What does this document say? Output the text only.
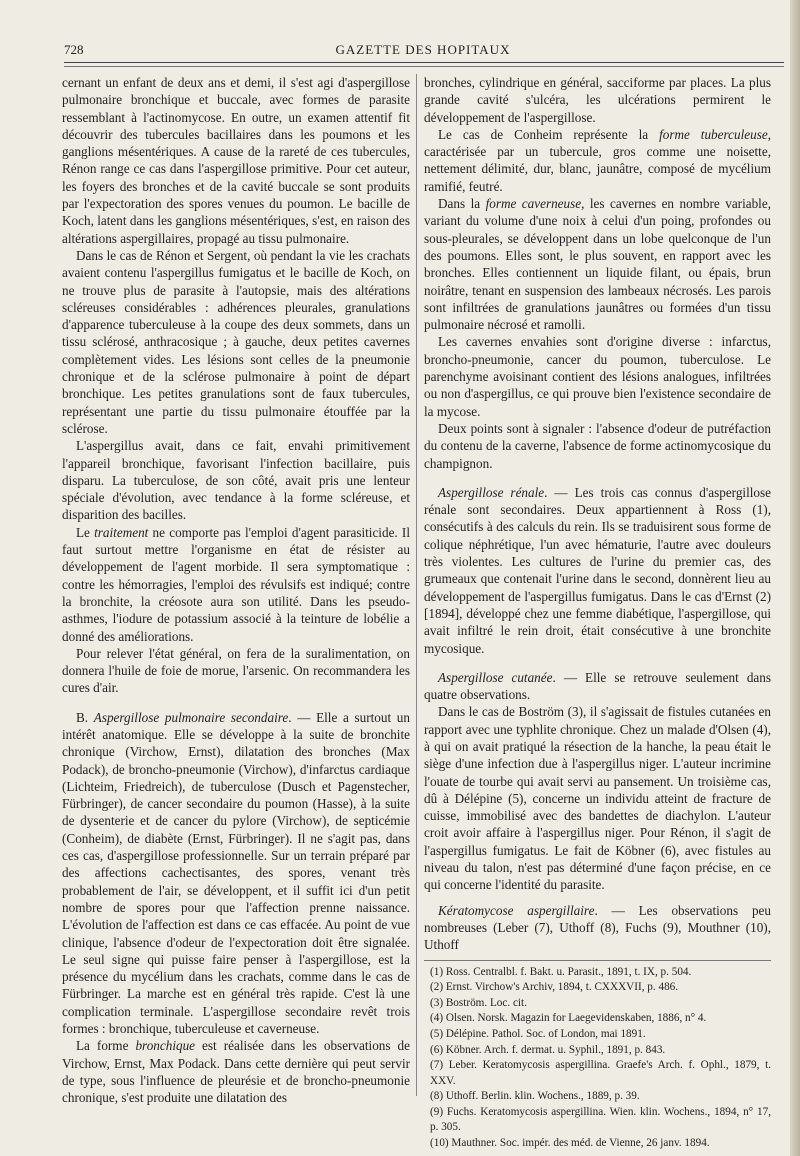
728	GAZETTE DES HOPITAUX

cernant un enfant de deux ans et demi, il s'est agi d'aspergillose pulmonaire bronchique et buccale, avec formes de parasite ressemblant à l'actinomycose. En outre, un examen attentif fit découvrir des tubercules bacillaires dans les poumons et les ganglions mésentériques. A cause de la rareté de ces tubercules, Rénon range ce cas dans l'aspergillose primitive. Pour cet auteur, les foyers des bronches et de la cavité buccale se sont produits par l'expectoration des spores venues du poumon. Le bacille de Koch, latent dans les ganglions mésentériques, s'est, en raison des altérations aspergillaires, propagé au tissu pulmonaire.

Dans le cas de Rénon et Sergent, où pendant la vie les crachats avaient contenu l'aspergillus fumigatus et le bacille de Koch, on ne trouve plus de parasite à l'autopsie, mais des altérations scléreuses considérables : adhérences pleurales, granulations d'apparence tuberculeuse à la coupe des deux sommets, dans un tissu sclérosé, anthracosique ; à gauche, deux petites cavernes complètement vides. Les lésions sont celles de la pneumonie chronique et de la sclérose pulmonaire à point de départ bronchique. Les petites granulations sont de faux tubercules, représentant une partie du tissu pulmonaire étouffée par la sclérose.

L'aspergillus avait, dans ce fait, envahi primitivement l'appareil bronchique, favorisant l'infection bacillaire, puis disparu. La tuberculose, de son côté, avait pris une lenteur spéciale d'évolution, avec tendance à la forme scléreuse, et disparition des bacilles.

Le traitement ne comporte pas l'emploi d'agent parasiticide. Il faut surtout mettre l'organisme en état de résister au développement de l'agent morbide. Il sera symptomatique : contre les hémorragies, l'emploi des révulsifs est indiqué; contre la bronchite, la créosote aura son utilité. Dans les pseudo-asthmes, l'iodure de potassium associé à la teinture de lobélie a donné des améliorations.

Pour relever l'état général, on fera de la suralimentation, on donnera l'huile de foie de morue, l'arsenic. On recommandera les cures d'air.

B. Aspergillose pulmonaire secondaire. — Elle a surtout un intérêt anatomique. Elle se développe à la suite de bronchite chronique (Virchow, Ernst), dilatation des bronches (Max Podack), de broncho-pneumonie (Virchow), d'infarctus cardiaque (Lichteim, Friedreich), de tuberculose (Dusch et Pagenstecher, Fürbringer), de cancer secondaire du poumon (Hasse), à la suite de dysenterie et de cancer du pylore (Virchow), de septicémie (Conheim), de diabète (Ernst, Fürbringer). Il ne s'agit pas, dans ces cas, d'aspergillose professionnelle. Sur un terrain préparé par des affections cachectisantes, des spores, venant très probablement de l'air, se développent, et il suffit ici d'un petit nombre de spores pour que l'affection prenne naissance. L'évolution de l'affection est dans ce cas effacée. Au point de vue clinique, l'absence d'odeur de l'expectoration doit être signalée. Le seul signe qui puisse faire penser à l'aspergillose, est la présence du mycélium dans les crachats, comme dans le cas de Fürbringer. La marche est en général très rapide. C'est là une complication terminale. L'aspergillose secondaire revêt trois formes : bronchique, tuberculeuse et caverneuse.

La forme bronchique est réalisée dans les observations de Virchow, Ernst, Max Podack. Dans cette dernière qui peut servir de type, sous l'influence de pleurésie et de broncho-pneumonie chronique, s'est produite une dilatation des

bronches, cylindrique en général, sacciforme par places. La plus grande cavité s'ulcéra, les ulcérations permirent le développement de l'aspergillose.

Le cas de Conheim représente la forme tuberculeuse, caractérisée par un tubercule, gros comme une noisette, nettement délimité, dur, blanc, jaunâtre, composé de mycélium ramifié, feutré.

Dans la forme caverneuse, les cavernes en nombre variable, variant du volume d'une noix à celui d'un poing, profondes ou sous-pleurales, se développent dans un lobe quelconque de l'un des poumons. Elles sont, le plus souvent, en rapport avec les bronches. Elles contiennent un liquide filant, ou épais, brun noirâtre, tenant en suspension des lambeaux nécrosés. Les parois sont infiltrées de granulations jaunâtres ou formées d'un tissu pulmonaire nécrosé et ramolli.

Les cavernes envahies sont d'origine diverse : infarctus, broncho-pneumonie, cancer du poumon, tuberculose. Le parenchyme avoisinant contient des lésions analogues, infiltrées ou non d'aspergillus, ce qui prouve bien l'existence secondaire de la mycose.

Deux points sont à signaler : l'absence d'odeur de putréfaction du contenu de la caverne, l'absence de forme actinomycosique du champignon.

Aspergillose rénale. — Les trois cas connus d'aspergillose rénale sont secondaires. Deux appartiennent à Ross (1), consécutifs à des calculs du rein. Ils se traduisirent sous forme de colique néphrétique, l'un avec hématurie, l'autre avec douleurs très violentes. Les cultures de l'urine du premier cas, des grumeaux que contenait l'urine dans le second, donnèrent lieu au développement de l'aspergillus fumigatus. Dans le cas d'Ernst (2) [1894], développé chez une femme diabétique, l'aspergillose, qui avait infiltré le rein droit, était consécutive à une bronchite mycosique.

Aspergillose cutanée. — Elle se retrouve seulement dans quatre observations.

Dans le cas de Boström (3), il s'agissait de fistules cutanées en rapport avec une typhlite chronique. Chez un malade d'Olsen (4), à qui on avait pratiqué la résection de la hanche, la peau était le siège d'une infection due à l'aspergillus niger. L'auteur incrimine l'ouate de tourbe qui avait servi au pansement. Un troisième cas, dû à Délépine (5), concerne un individu atteint de fracture de cuisse, immobilisé avec des bandettes de diachylon. L'auteur croit avoir affaire à l'aspergillus niger. Pour Rénon, il s'agit de l'aspergillus fumigatus. Le fait de Köbner (6), avec fistules au niveau du talon, n'est pas déterminé d'une façon précise, en ce qui concerne l'identité du parasite.

Kératomycose aspergillaire. — Les observations peu nombreuses (Leber (7), Uthoff (8), Fuchs (9), Mouthner (10), Uthoff

(1) Ross. Centralbl. f. Bakt. u. Parasit., 1891, t. IX, p. 504.
(2) Ernst. Virchow's Archiv, 1894, t. CXXXVII, p. 486.
(3) Boström. Loc. cit.
(4) Olsen. Norsk. Magazin for Laegevidenskaben, 1886, n° 4.
(5) Délépine. Pathol. Soc. of London, mai 1891.
(6) Köbner. Arch. f. dermat. u. Syphil., 1891, p. 843.
(7) Leber. Keratomycosis aspergillina. Graefe's Arch. f. Ophl., 1879, t. XXV.
(8) Uthoff. Berlin. klin. Wochens., 1889, p. 39.
(9) Fuchs. Keratomycosis aspergillina. Wien. klin. Wochens., 1894, n° 17, p. 305.
(10) Mauthner. Soc. impér. des méd. de Vienne, 26 janv. 1894.
